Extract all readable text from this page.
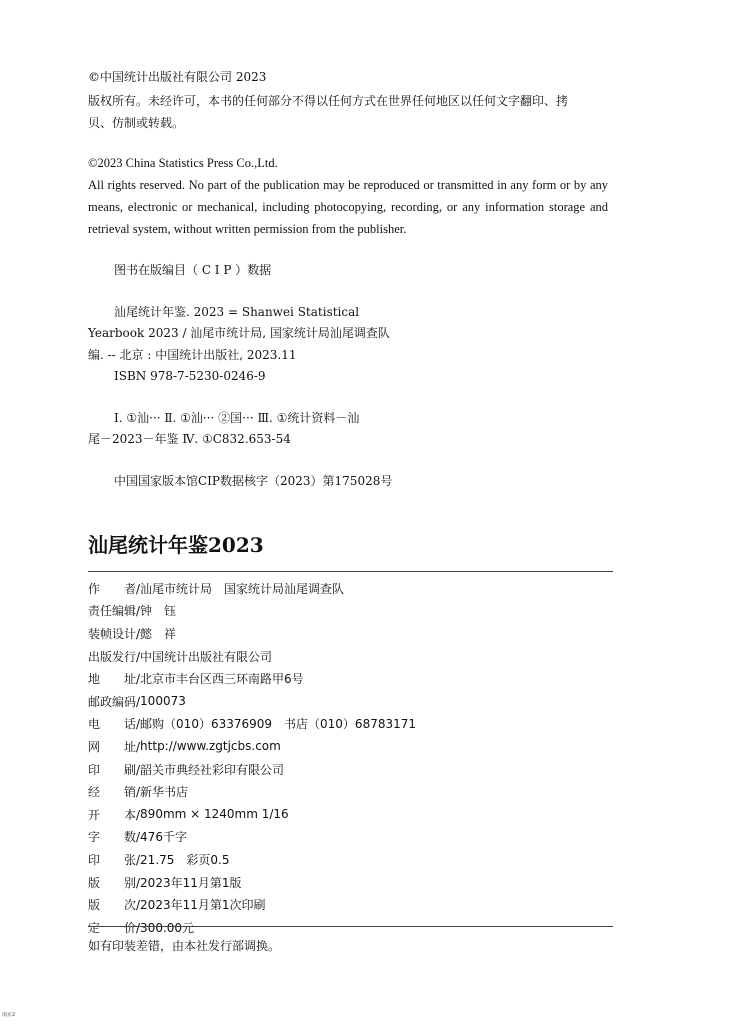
©中国统计出版社有限公司 2023
版权所有。未经许可，本书的任何部分不得以任何方式在世界任何地区以任何文字翻印、拷
贝、仿制或转载。
©2023 China Statistics Press Co.,Ltd.
All rights reserved. No part of the publication may be reproduced or transmitted in any form or by any means, electronic or mechanical, including photocopying, recording, or any information storage and retrieval system, without written permission from the publisher.
图书在版编目（ C I P ）数据
汕尾统计年鉴. 2023 = Shanwei Statistical
Yearbook 2023 / 汕尾市统计局, 国家统计局汕尾调查队
编. -- 北京 : 中国统计出版社, 2023.11
ISBN 978-7-5230-0246-9
Ⅰ. ①汕··· Ⅱ. ①汕··· ②国··· Ⅲ. ①统计资料－汕
尾－2023－年鉴 Ⅳ. ①C832.653-54
中国国家版本馆CIP数据核字（2023）第175028号
汕尾统计年鉴2023
作　　者/ 汕尾市统计局　国家统计局汕尾调查队
责任编辑/ 钟　钰
装帧设计/ 懿　祥
出版发行/ 中国统计出版社有限公司
地　　址/ 北京市丰台区西三环南路甲6号
邮政编码/ 100073
电　　话/ 邮购（010）63376909　书店（010）68783171
网　　址/ http://www.zgtjcbs.com
印　　刷/ 韶关市典经社彩印有限公司
经　　销/ 新华书店
开　　本/ 890mm × 1240mm 1/16
字　　数/ 476千字
印　　张/ 21.75　彩页0.5
版　　别/ 2023年11月第1版
版　　次/ 2023年11月第1次印刷
定　　价/ 300.00元
如有印装差错，由本社发行部调换。
南京2
